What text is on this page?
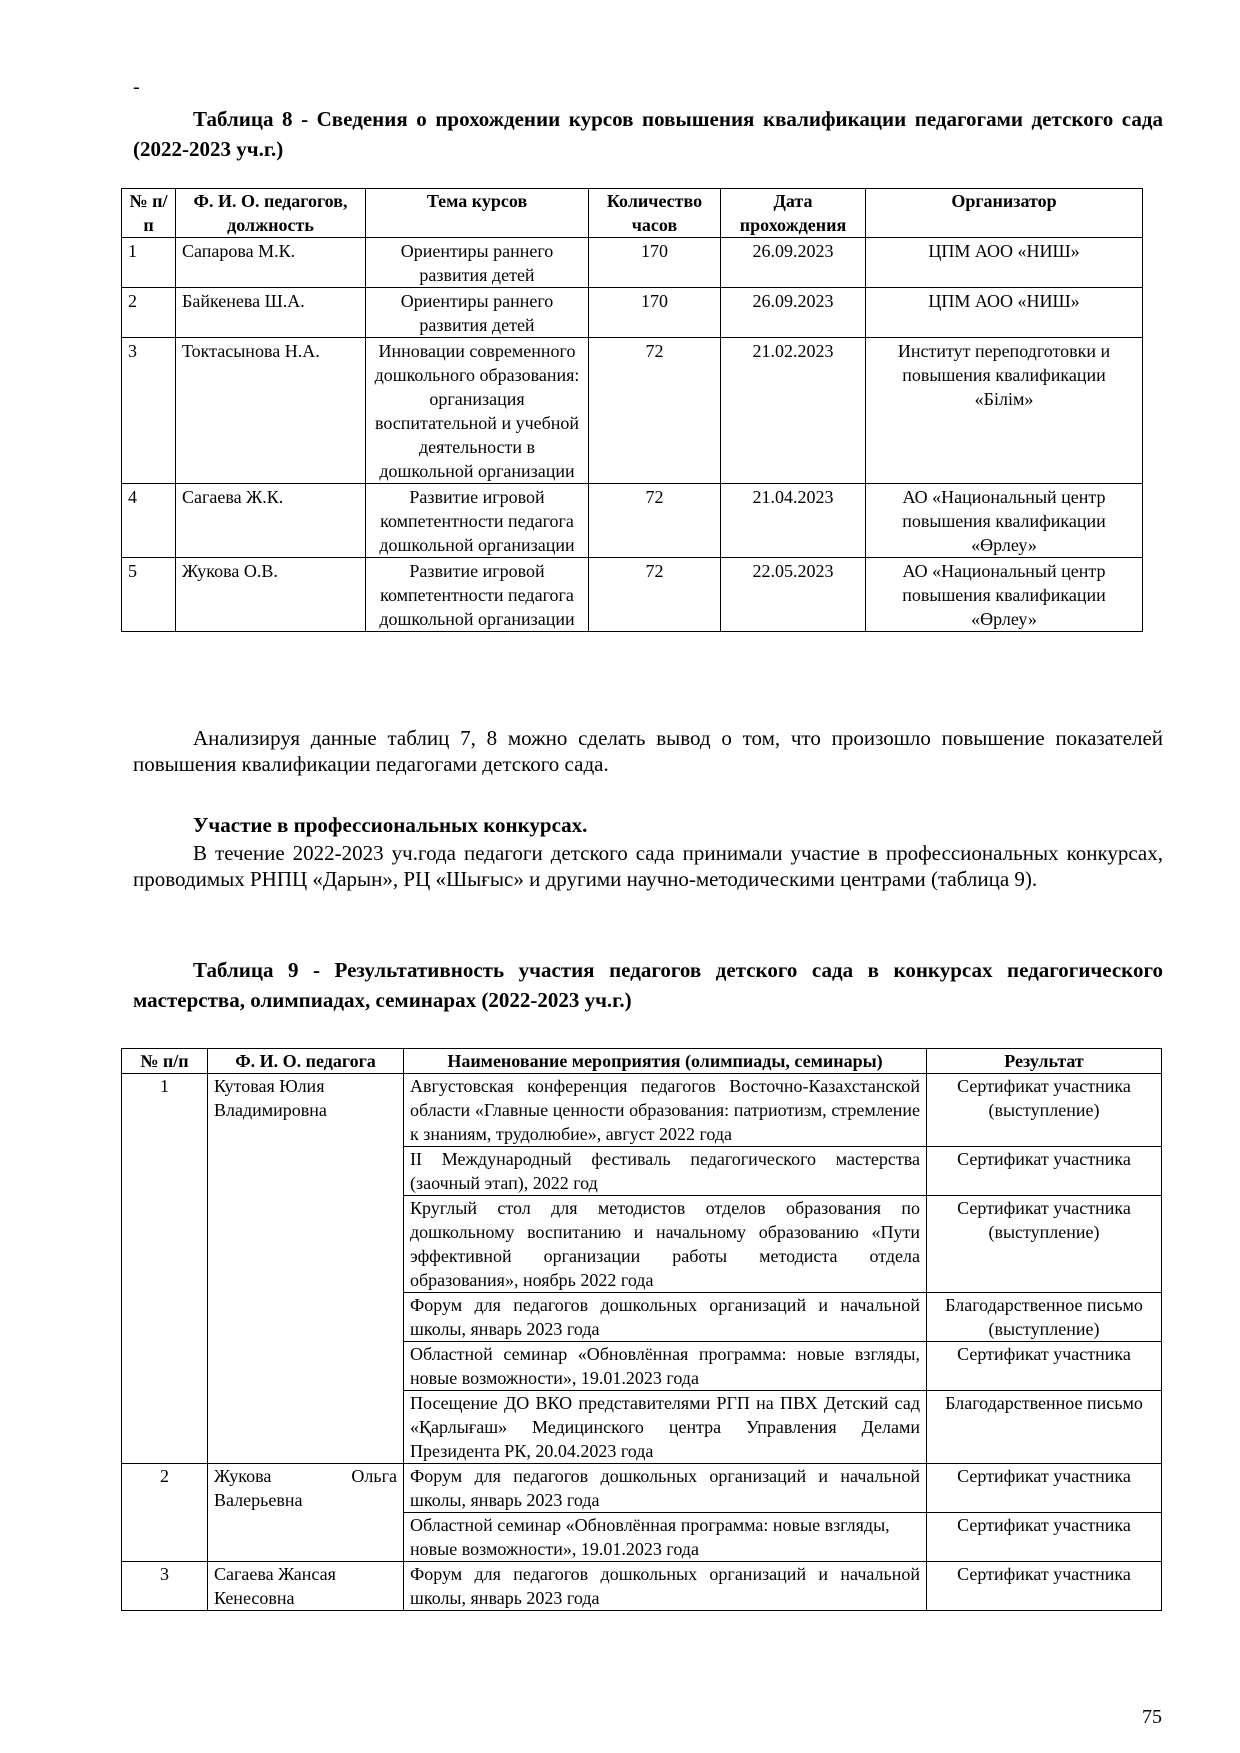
-
Таблица 8 - Сведения о прохождении курсов повышения квалификации педагогами детского сада (2022-2023 уч.г.)
№ п/п	Ф. И. О. педагогов, должность	Тема курсов	Количество часов	Дата прохождения	Организатор
1	Сапарова М.К.	Ориентиры раннего развития детей	170	26.09.2023	ЦПМ АОО «НИШ»
2	Байкенева Ш.А.	Ориентиры раннего развития детей	170	26.09.2023	ЦПМ АОО «НИШ»
3	Токтасынова Н.А.	Инновации современного дошкольного образования: организация воспитательной и учебной деятельности в дошкольной организации	72	21.02.2023	Институт переподготовки и повышения квалификации «Білім»
4	Сагаева Ж.К.	Развитие игровой компетентности педагога дошкольной организации	72	21.04.2023	АО «Национальный центр повышения квалификации «Өрлеу»
5	Жукова О.В.	Развитие игровой компетентности педагога дошкольной организации	72	22.05.2023	АО «Национальный центр повышения квалификации «Өрлеу»
Анализируя данные таблиц 7, 8 можно сделать вывод о том, что произошло повышение показателей повышения квалификации педагогами детского сада.
Участие в профессиональных конкурсах.
В течение 2022-2023 уч.года педагоги детского сада принимали участие в профессиональных конкурсах, проводимых РНПЦ «Дарын», РЦ «Шығыс» и другими научно-методическими центрами (таблица 9).
Таблица 9 - Результативность участия педагогов детского сада в конкурсах педагогического мастерства, олимпиадах, семинарах (2022-2023 уч.г.)
№ п/п	Ф. И. О. педагога	Наименование мероприятия (олимпиады, семинары)	Результат
1	Кутовая Юлия Владимировна	Августовская конференция педагогов Восточно-Казахстанской области «Главные ценности образования: патриотизм, стремление к знаниям, трудолюбие», август 2022 года	Сертификат участника (выступление)
		II Международный фестиваль педагогического мастерства (заочный этап), 2022 год	Сертификат участника
		Круглый стол для методистов отделов образования по дошкольному воспитанию и начальному образованию «Пути эффективной организации работы методиста отдела образования», ноябрь 2022 года	Сертификат участника (выступление)
		Форум для педагогов дошкольных организаций и начальной школы, январь 2023 года	Благодарственное письмо (выступление)
		Областной семинар «Обновлённая программа: новые взгляды, новые возможности», 19.01.2023 года	Сертификат участника
		Посещение ДО ВКО представителями РГП на ПВХ Детский сад «Қарлығаш» Медицинского центра Управления Делами Президента РК, 20.04.2023 года	Благодарственное письмо
2	Жукова Ольга Валерьевна	Форум для педагогов дошкольных организаций и начальной школы, январь 2023 года	Сертификат участника
		Областной семинар «Обновлённая программа: новые взгляды, новые возможности», 19.01.2023 года	Сертификат участника
3	Сагаева Жансая Кенесовна	Форум для педагогов дошкольных организаций и начальной школы, январь 2023 года	Сертификат участника
75
